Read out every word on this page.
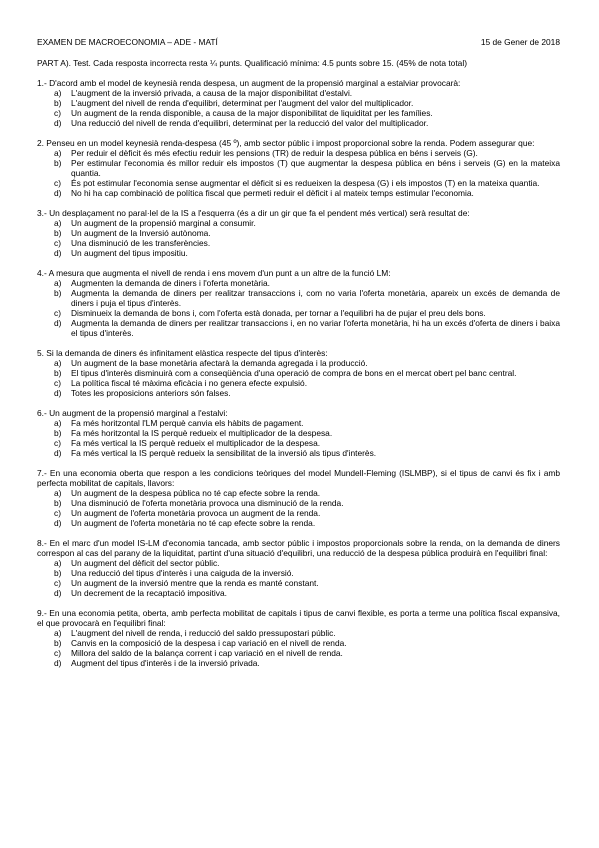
EXAMEN DE MACROECONOMIA – ADE - MATÍ	15 de Gener de 2018
PART A). Test. Cada resposta incorrecta resta ¼ punts. Qualificació mínima: 4.5 punts sobre 15. (45% de nota total)
1.- D'acord amb el model de keynesià renda despesa, un augment de la propensió marginal a estalviar provocarà:
a)	L'augment de la inversió privada, a causa de la major disponibilitat d'estalvi.
b)	L'augment del nivell de renda d'equilibri, determinat per l'augment del valor del multiplicador.
c)	Un augment de la renda disponible, a causa de la major disponibilitat de liquiditat per les famílies.
d)	Una reducció del nivell de renda d'equilibri, determinat per la reducció del valor del multiplicador.
2. Penseu en un model keynesià renda-despesa (45 º), amb sector públic i impost proporcional sobre la renda. Podem assegurar que:
a)	Per reduir el dèficit és més efectiu reduir les pensions (TR) de reduir la despesa pública en béns i serveis (G).
b)	Per estimular l'economia és millor reduir els impostos (T) que augmentar la despesa pública en béns i serveis (G) en la mateixa quantia.
c)	És pot estimular l'economia sense augmentar el dèficit si es redueixen la despesa (G) i els impostos (T) en la mateixa quantia.
d)	No hi ha cap combinació de política fiscal que permeti reduir el dèficit i al mateix temps estimular l'economia.
3.- Un desplaçament no paral·lel de la IS a l'esquerra (és a dir un gir que fa el pendent més vertical) serà resultat de:
a)	Un augment de la propensió marginal a consumir.
b)	Un augment de la Inversió autònoma.
c)	Una disminució de les transferències.
d)	Un augment del tipus impositiu.
4.- A mesura que augmenta el nivell de renda i ens movem d'un punt a un altre de la funció LM:
a)	Augmenten la demanda de diners i l'oferta monetària.
b)	Augmenta la demanda de diners per realitzar transaccions i, com no varia l'oferta monetària, apareix un excés de demanda de diners i puja el tipus d'interès.
c)	Disminueix la demanda de bons i, com l'oferta està donada, per tornar a l'equilibri ha de pujar el preu dels bons.
d)	Augmenta la demanda de diners per realitzar transaccions i, en no variar l'oferta monetària, hi ha un excés d'oferta de diners i baixa el tipus d'interès.
5. Si la demanda de diners és infinitament elàstica respecte del tipus d'interès:
a)	Un augment de la base monetària afectarà la demanda agregada i la producció.
b)	El tipus d'interès disminuirà com a conseqüència d'una operació de compra de bons en el mercat obert pel banc central.
c)	La política fiscal té màxima eficàcia i no genera efecte expulsió.
d)	Totes les proposicions anteriors són falses.
6.- Un augment de la propensió marginal a l'estalvi:
a)	Fa més horitzontal l'LM perquè canvia els hàbits de pagament.
b)	Fa més horitzontal la IS perquè redueix el multiplicador de la despesa.
c)	Fa més vertical la IS perquè redueix el multiplicador de la despesa.
d)	Fa més vertical la IS perquè redueix la sensibilitat de la inversió als tipus d'interès.
7.- En una economia oberta que respon a les condicions teòriques del model Mundell-Fleming (ISLMBP), si el tipus de canvi és fix i amb perfecta mobilitat de capitals, llavors:
a)	Un augment de la despesa pública no té cap efecte sobre la renda.
b)	Una disminució de l'oferta monetària provoca una disminució de la renda.
c)	Un augment de l'oferta monetària provoca un augment de la renda.
d)	Un augment de l'oferta monetària no té cap efecte sobre la renda.
8.- En el marc d'un model IS-LM d'economia tancada, amb sector públic i impostos proporcionals sobre la renda, on la demanda de diners correspon al cas del parany de la liquiditat, partint d'una situació d'equilibri, una reducció de la despesa pública produirà en l'equilibri final:
a)	Un augment del dèficit del sector públic.
b)	Una reducció del tipus d'interès i una caiguda de la inversió.
c)	Un augment de la inversió mentre que la renda es manté constant.
d)	Un decrement de la recaptació impositiva.
9.- En una economia petita, oberta, amb perfecta mobilitat de capitals i tipus de canvi flexible, es porta a terme una política fiscal expansiva, el que provocarà en l'equilibri final:
a)	L'augment del nivell de renda, i reducció del saldo pressupostari públic.
b)	Canvis en la composició de la despesa i cap variació en el nivell de renda.
c)	Millora del saldo de la balança corrent i cap variació en el nivell de renda.
d)	Augment del tipus d'interès i de la inversió privada.
